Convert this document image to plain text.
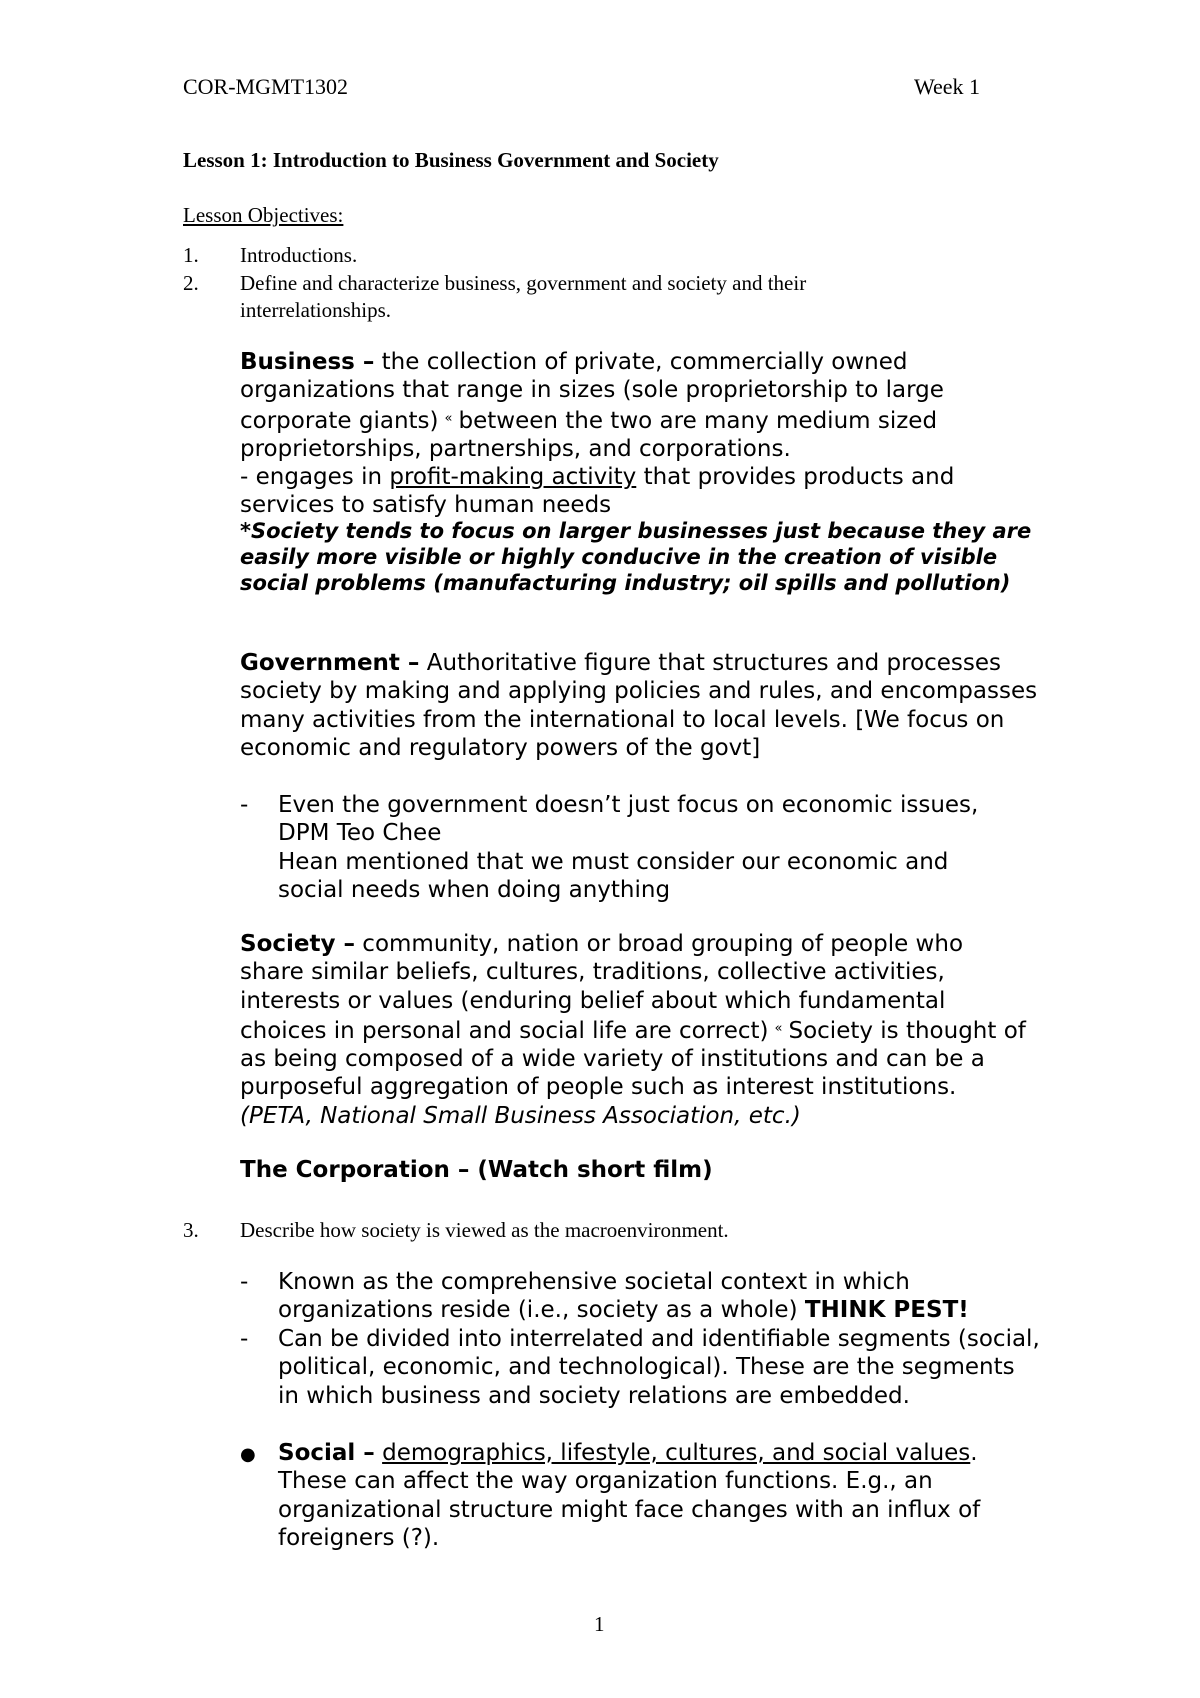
COR-MGMT1302	Week 1
Lesson 1: Introduction to Business Government and Society
Lesson Objectives:
1. Introductions.
2. Define and characterize business, government and society and their
interrelationships.
Business – the collection of private, commercially owned organizations that range in sizes (sole proprietorship to large corporate giants) « between the two are many medium sized proprietorships, partnerships, and corporations.
- engages in profit-making activity that provides products and services to satisfy human needs
*Society tends to focus on larger businesses just because they are easily more visible or highly conducive in the creation of visible social problems (manufacturing industry; oil spills and pollution)
Government – Authoritative figure that structures and processes society by making and applying policies and rules, and encompasses many activities from the international to local levels. [We focus on economic and regulatory powers of the govt]
- Even the government doesn’t just focus on economic issues,
DPM Teo Chee
Hean mentioned that we must consider our economic and
social needs when doing anything
Society – community, nation or broad grouping of people who share similar beliefs, cultures, traditions, collective activities, interests or values (enduring belief about which fundamental choices in personal and social life are correct) « Society is thought of as being composed of a wide variety of institutions and can be a purposeful aggregation of people such as interest institutions. (PETA, National Small Business Association, etc.)
The Corporation – (Watch short film)
3. Describe how society is viewed as the macroenvironment.
-	Known as the comprehensive societal context in which organizations reside (i.e., society as a whole) THINK PEST!
-	Can be divided into interrelated and identifiable segments (social, political, economic, and technological). These are the segments in which business and society relations are embedded.
● Social – demographics, lifestyle, cultures, and social values. These can affect the way organization functions. E.g., an organizational structure might face changes with an influx of foreigners (?).
1
